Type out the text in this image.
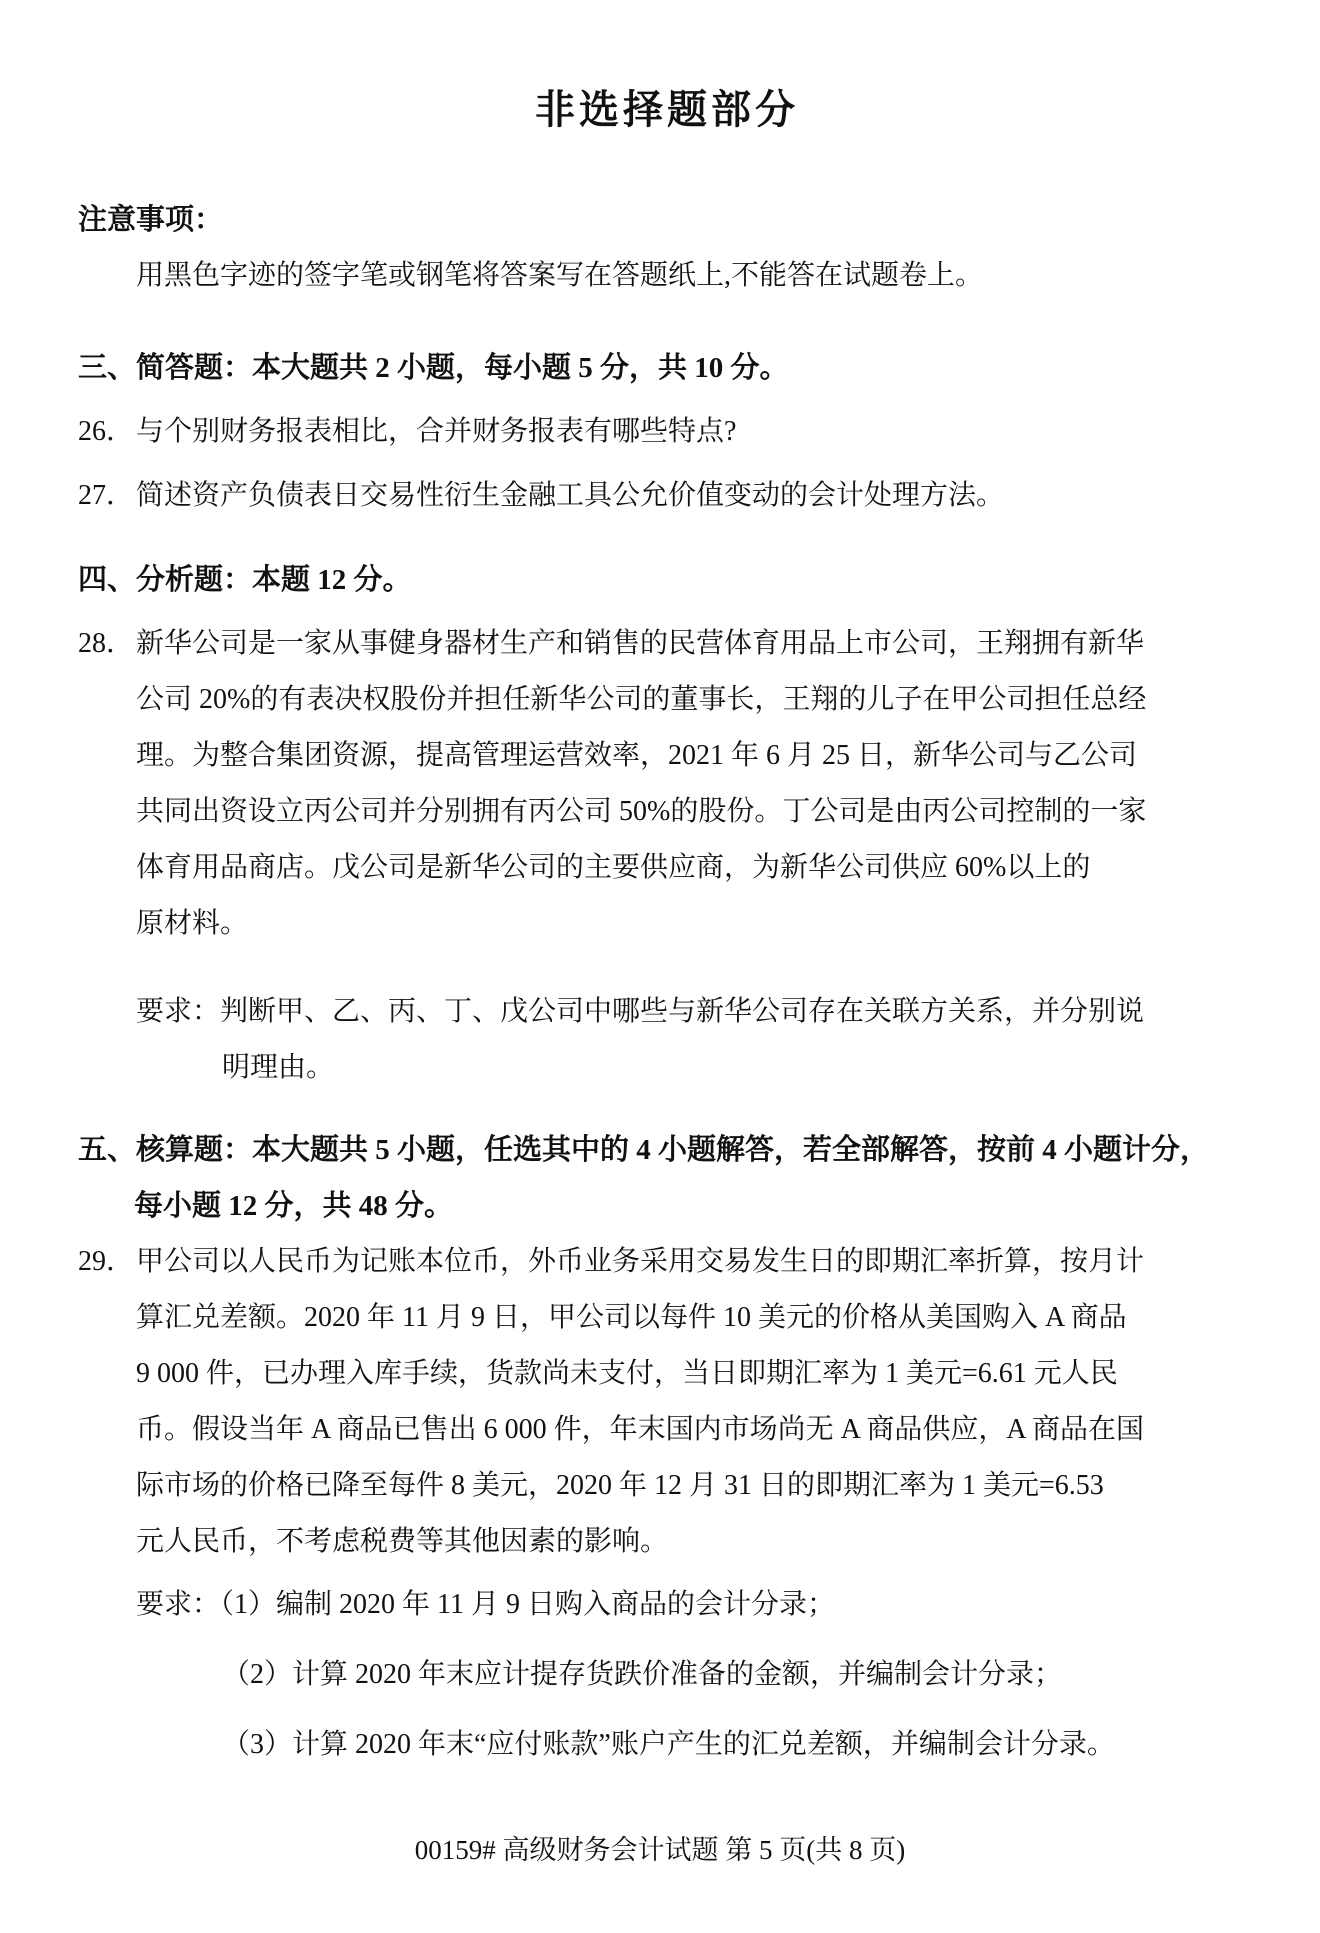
非选择题部分
注意事项：
用黑色字迹的签字笔或钢笔将答案写在答题纸上,不能答在试题卷上。
三、简答题：本大题共 2 小题，每小题 5 分，共 10 分。
26．与个别财务报表相比，合并财务报表有哪些特点?
27．简述资产负债表日交易性衍生金融工具公允价值变动的会计处理方法。
四、分析题：本题 12 分。
28．新华公司是一家从事健身器材生产和销售的民营体育用品上市公司，王翔拥有新华
公司 20%的有表决权股份并担任新华公司的董事长，王翔的儿子在甲公司担任总经
理。为整合集团资源，提高管理运营效率，2021 年 6 月 25 日，新华公司与乙公司
共同出资设立丙公司并分别拥有丙公司 50%的股份。丁公司是由丙公司控制的一家
体育用品商店。戊公司是新华公司的主要供应商，为新华公司供应 60%以上的
原材料。
要求：判断甲、乙、丙、丁、戊公司中哪些与新华公司存在关联方关系，并分别说
明理由。
五、核算题：本大题共 5 小题，任选其中的 4 小题解答，若全部解答，按前 4 小题计分，
每小题 12 分，共 48 分。
29．甲公司以人民币为记账本位币，外币业务采用交易发生日的即期汇率折算，按月计
算汇兑差额。2020 年 11 月 9 日，甲公司以每件 10 美元的价格从美国购入 A 商品
9 000 件，已办理入库手续，货款尚未支付，当日即期汇率为 1 美元=6.61 元人民
币。假设当年 A 商品已售出 6 000 件，年末国内市场尚无 A 商品供应，A 商品在国
际市场的价格已降至每件 8 美元，2020 年 12 月 31 日的即期汇率为 1 美元=6.53
元人民币，不考虑税费等其他因素的影响。
要求：（1）编制 2020 年 11 月 9 日购入商品的会计分录；
（2）计算 2020 年末应计提存货跌价准备的金额，并编制会计分录；
（3）计算 2020 年末“应付账款”账户产生的汇兑差额，并编制会计分录。
00159# 高级财务会计试题 第 5 页(共 8 页)
